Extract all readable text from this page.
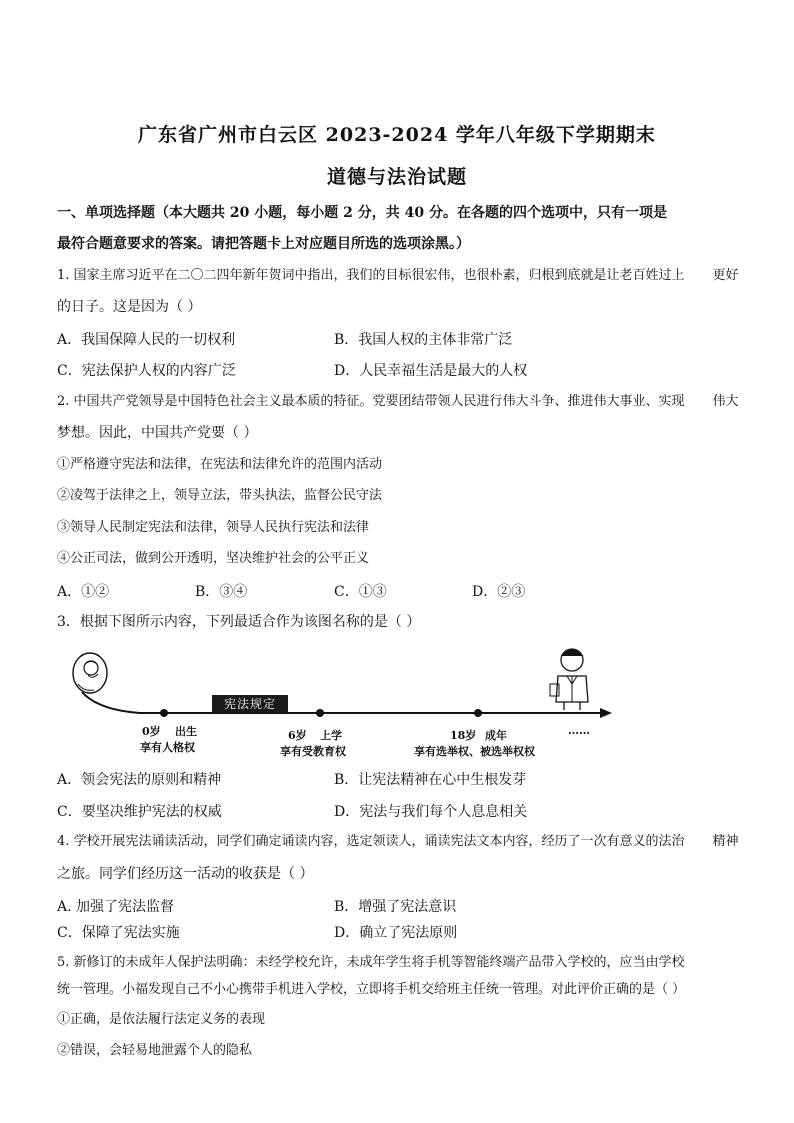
广东省广州市白云区 2023-2024 学年八年级下学期期末
道德与法治试题
一、单项选择题（本大题共 20 小题，每小题 2 分，共 40 分。在各题的四个选项中，只有一项是
最符合题意要求的答案。请把答题卡上对应题目所选的选项涂黑。）
1. 国家主席习近平在二〇二四年新年贺词中指出，我们的目标很宏伟，也很朴素，归根到底就是让老百姓过上 更好
的日子。这是因为（ ）
A．我国保障人民的一切权利	B．我国人权的主体非常广泛
C．宪法保护人权的内容广泛	D．人民幸福生活是最大的人权
2. 中国共产党领导是中国特色社会主义最本质的特征。党要团结带领人民进行伟大斗争、推进伟大事业、实现 伟大
梦想。因此，中国共产党要（ ）
①严格遵守宪法和法律，在宪法和法律允许的范围内活动
②凌驾于法律之上，领导立法，带头执法，监督公民守法
③领导人民制定宪法和法律，领导人民执行宪法和法律
④公正司法，做到公开透明，坚决维护社会的公平正义
A．①②	B．③④	C．①③	D．②③
3．根据下图所示内容，下列最适合作为该图名称的是（ ）
宪法规定
0岁 出生
享有人格权
6岁 上学
享有受教育权
18岁 成年
享有选举权、被选举权权
……
A．领会宪法的原则和精神	B．让宪法精神在心中生根发芽
C．要坚决维护宪法的权威	D．宪法与我们每个人息息相关
4. 学校开展宪法诵读活动，同学们确定诵读内容，选定领读人，诵读宪法文本内容，经历了一次有意义的法治 精神
之旅。同学们经历这一活动的收获是（ ）
A. 加强了宪法监督	B．增强了宪法意识
C．保障了宪法实施	D．确立了宪法原则
5. 新修订的未成年人保护法明确：未经学校允许，未成年学生将手机等智能终端产品带入学校的，应当由学校
统一管理。小福发现自己不小心携带手机进入学校，立即将手机交给班主任统一管理。对此评价正确的是（ ）
①正确，是依法履行法定义务的表现
②错误，会轻易地泄露个人的隐私
